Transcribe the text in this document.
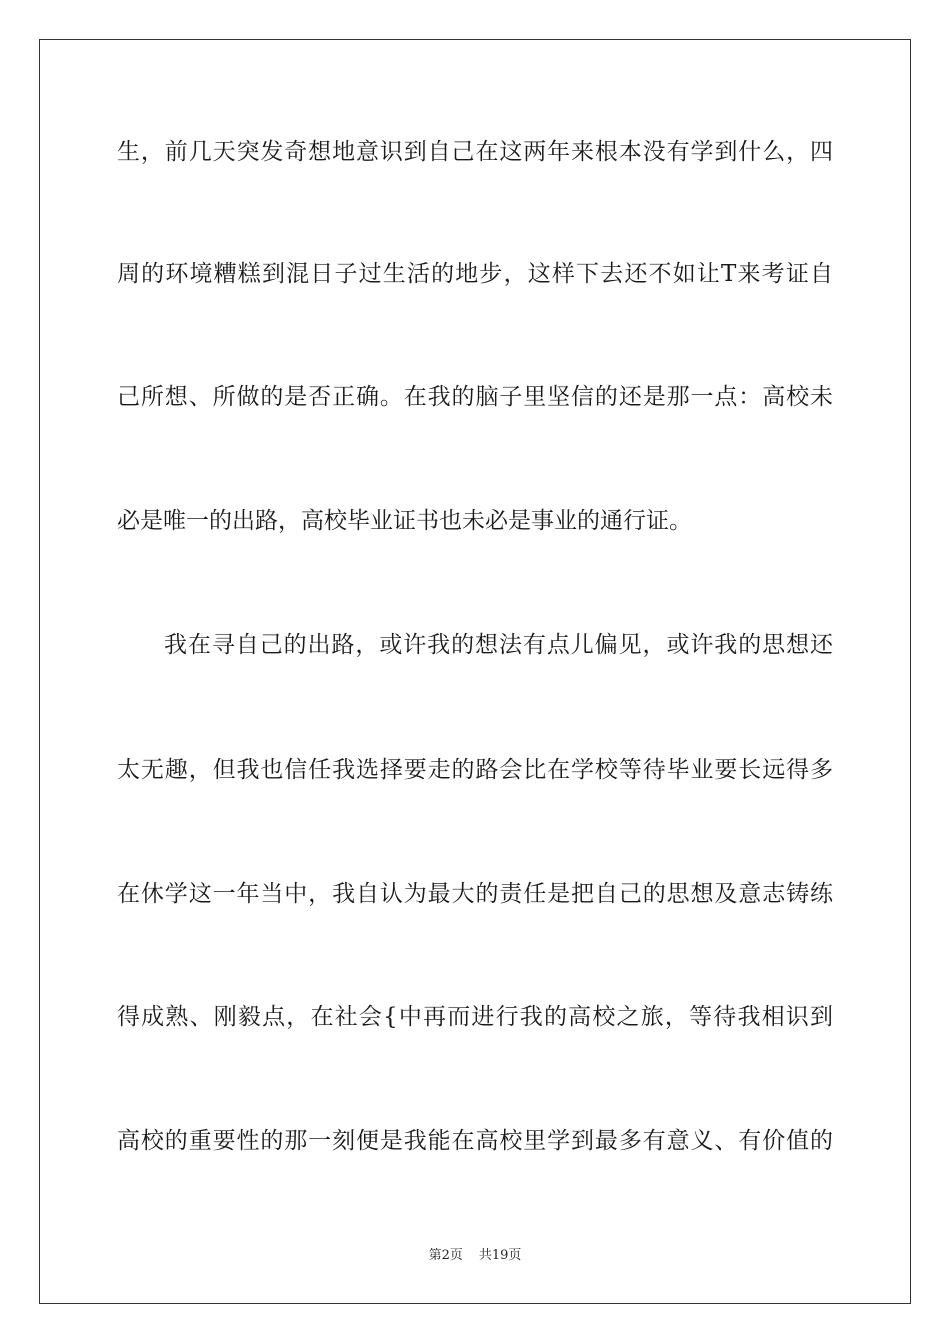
生，前几天突发奇想地意识到自己在这两年来根本没有学到什么，四
周的环境糟糕到混日子过生活的地步，这样下去还不如让T来考证自
己所想、所做的是否正确。在我的脑子里坚信的还是那一点：高校未
必是唯一的出路，高校毕业证书也未必是事业的通行证。
我在寻自己的出路，或许我的想法有点儿偏见，或许我的思想还
太无趣，但我也信任我选择要走的路会比在学校等待毕业要长远得多
在休学这一年当中，我自认为最大的责任是把自己的思想及意志铸练
得成熟、刚毅点，在社会{中再而进行我的高校之旅，等待我相识到
高校的重要性的那一刻便是我能在高校里学到最多有意义、有价值的
第2页 共19页
